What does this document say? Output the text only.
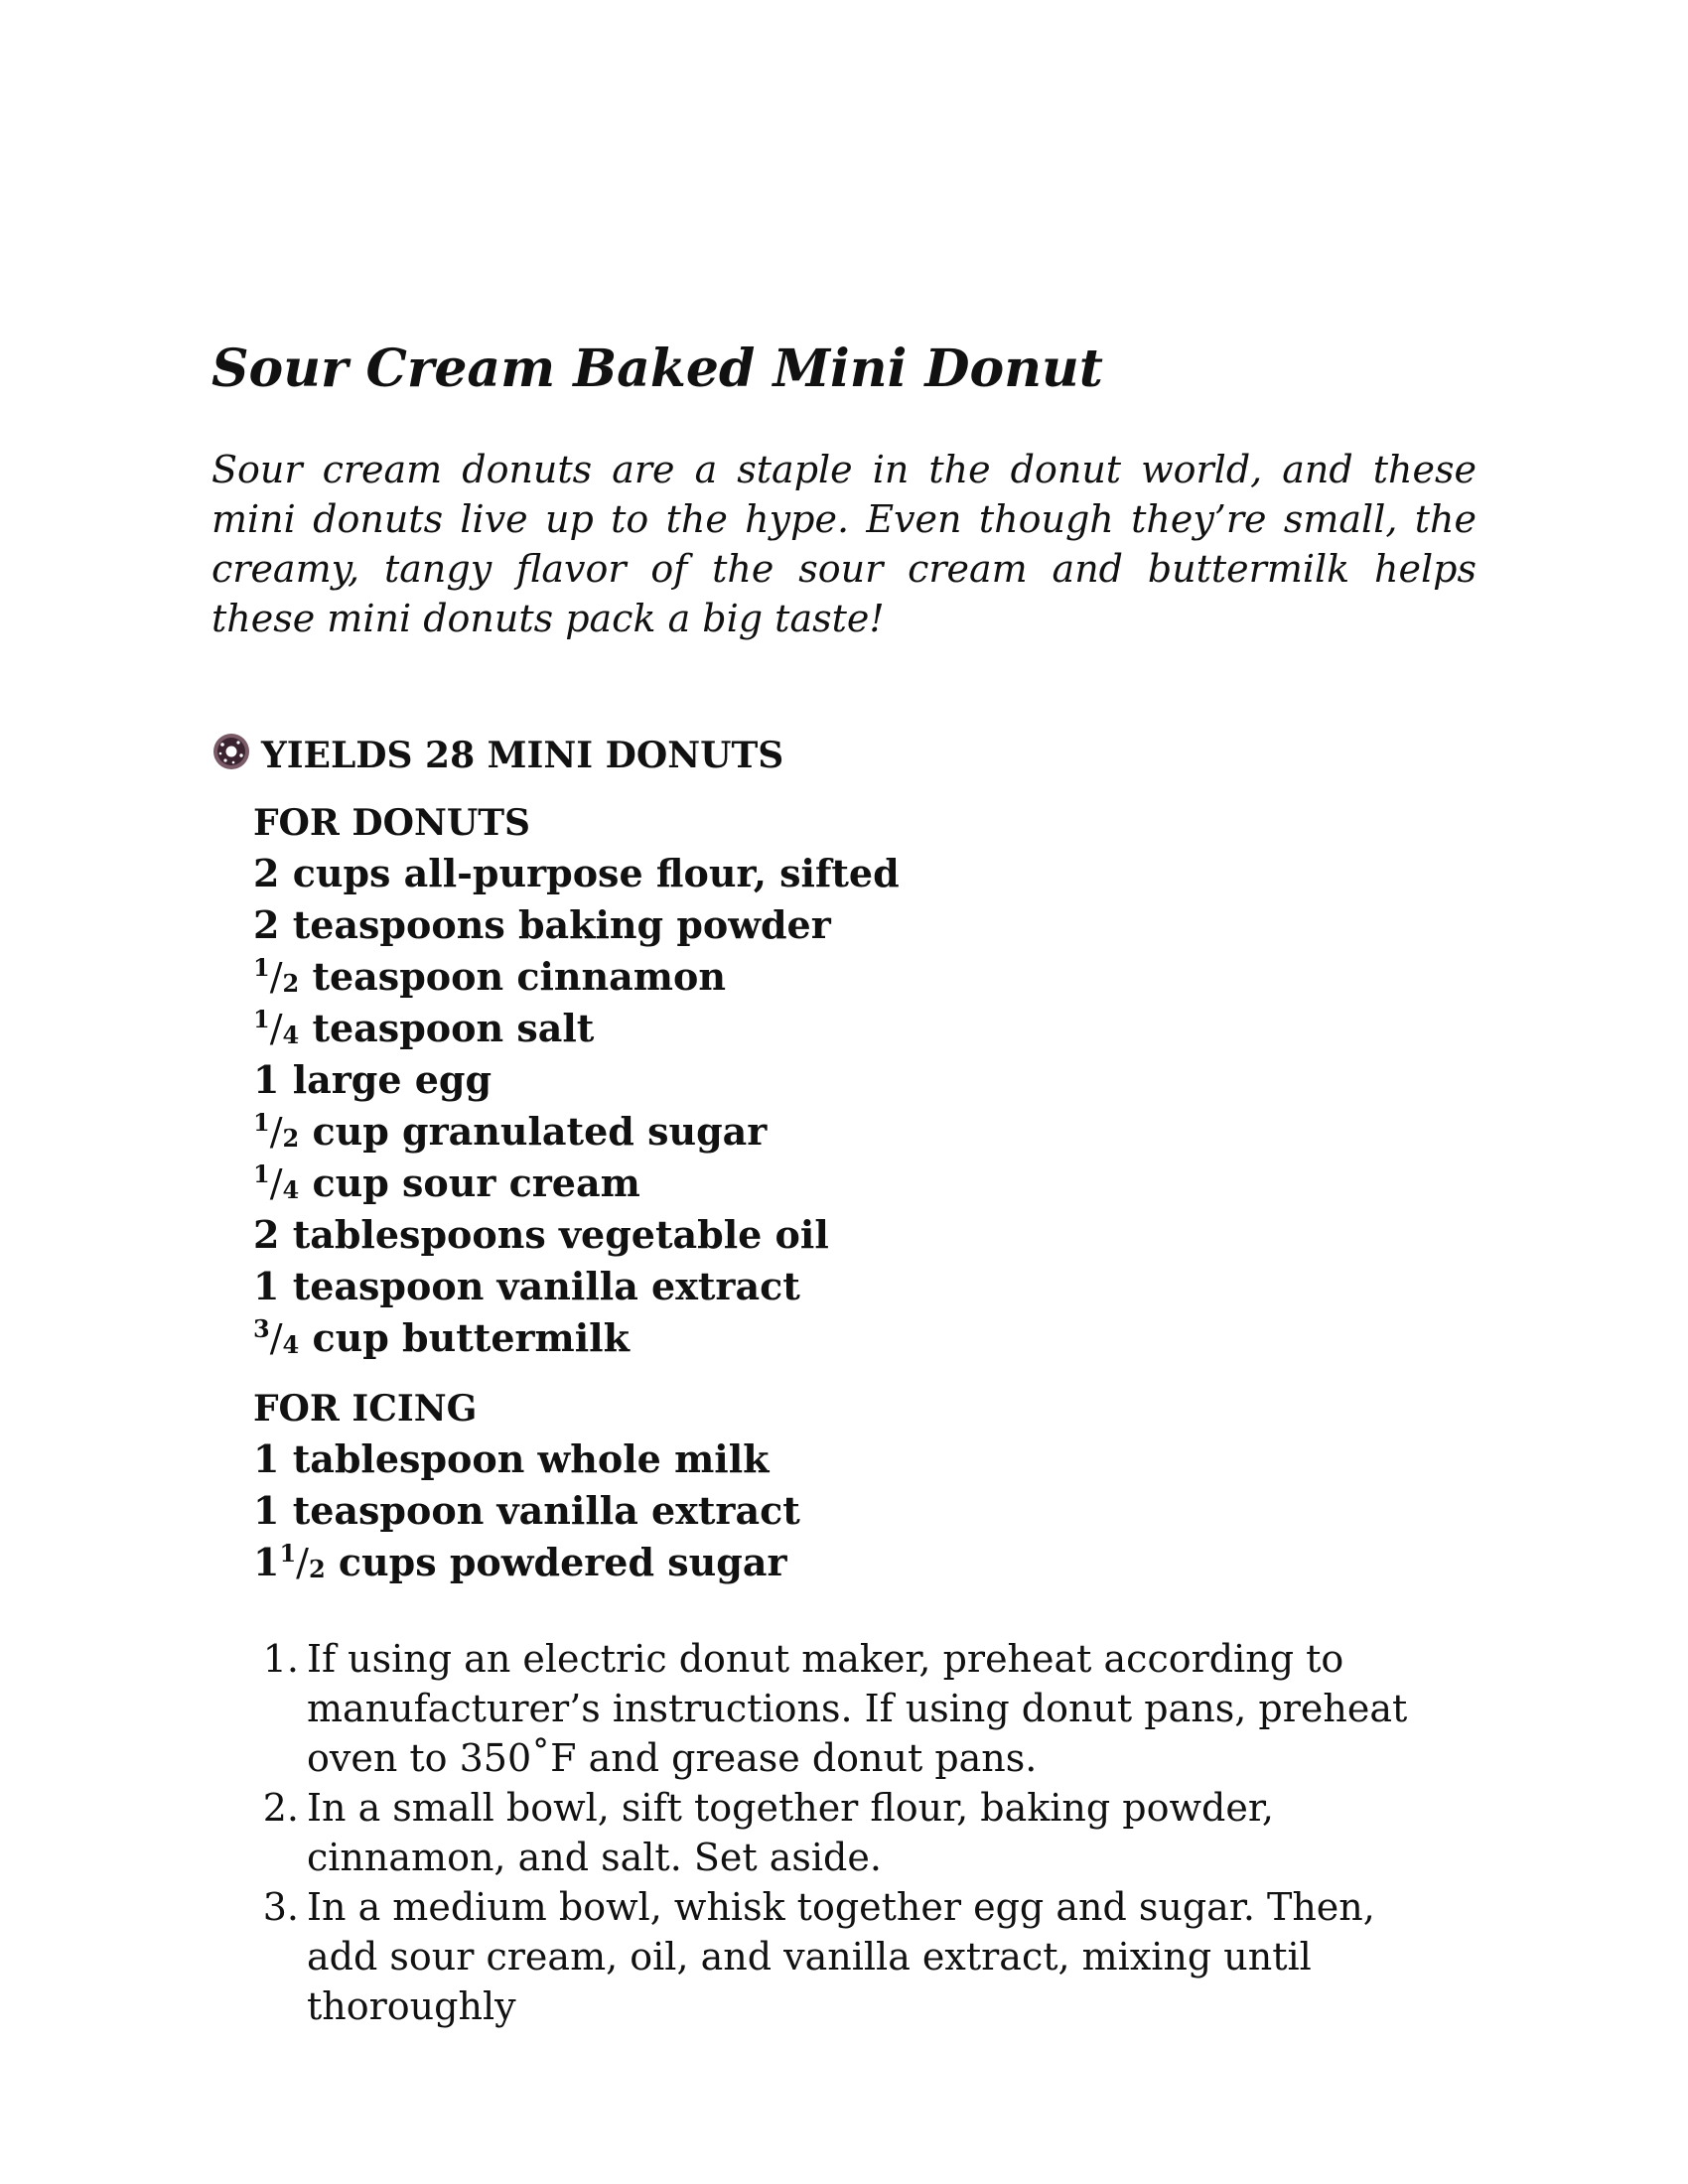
Sour Cream Baked Mini Donut

Sour cream donuts are a staple in the donut world, and these mini donuts live up to the hype. Even though they’re small, the creamy, tangy flavor of the sour cream and buttermilk helps these mini donuts pack a big taste!

YIELDS 28 MINI DONUTS
FOR DONUTS
2 cups all-purpose flour, sifted
2 teaspoons baking powder
$^1/_2$ teaspoon cinnamon
$^1/_4$ teaspoon salt
1 large egg
$^1/_2$ cup granulated sugar
$^1/_4$ cup sour cream
2 tablespoons vegetable oil
1 teaspoon vanilla extract
$^3/_4$ cup buttermilk
FOR ICING
1 tablespoon whole milk
1 teaspoon vanilla extract
$1^1/_2$ cups powdered sugar
If using an electric donut maker, preheat according to manufacturer’s instructions. If using donut pans, preheat oven to 350˚F and grease donut pans.
In a small bowl, sift together flour, baking powder, cinnamon, and salt. Set aside.
In a medium bowl, whisk together egg and sugar. Then, add sour cream, oil, and vanilla extract, mixing until thoroughly
